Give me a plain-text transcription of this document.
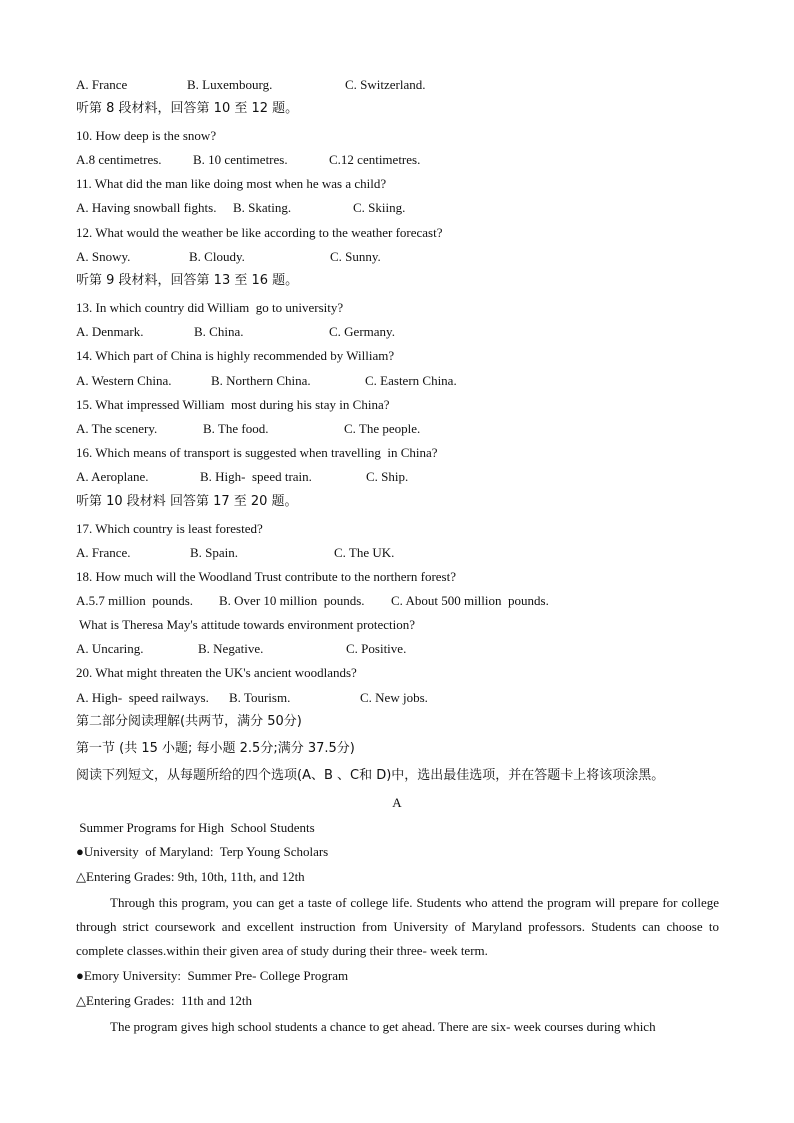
A. France	B. Luxembourg.	C. Switzerland.
听第 8 段材料，回答第 10 至 12 题。
10. How deep is the snow?
A.8 centimetres. B. 10 centimetres.	C.12 centimetres.
11. What did the man like doing most when he was a child?
A. Having snowball fights. B. Skating.	C. Skiing.
12. What would the weather be like according to the weather forecast?
A. Snowy.	B. Cloudy.	C. Sunny.
听第 9 段材料，回答第 13 至 16 题。
13. In which country did William  go to university?
A. Denmark.	B. China.	C. Germany.
14. Which part of China is highly recommended by William?
A. Western China.	B. Northern China.	C. Eastern China.
15. What impressed William  most during his stay in China?
A. The scenery.	B. The food.	C. The people.
16. Which means of transport is suggested when travelling  in China?
A. Aeroplane.	B. High-  speed train.	C. Ship.
听第 10 段材料 回答第 17 至 20 题。
17. Which country is least forested?
A. France.	B. Spain.	C. The UK.
18. How much will the Woodland Trust contribute to the northern forest?
A.5.7 million  pounds. B. Over 10 million  pounds. C. About 500 million  pounds.
What is Theresa May's attitude towards environment protection?
A. Uncaring.	B. Negative.	C. Positive.
20. What might threaten the UK's ancient woodlands?
A. High-  speed railways. B. Tourism.	C. New jobs.
第二部分阅读理解(共两节，满分 50分)
第一节 (共 15 小题; 每小题 2.5分;满分 37.5分)
阅读下列短文，从每题所给的四个选项(A、B 、C和 D)中，选出最佳选项，并在答题卡上将该项涂黑。
A
Summer Programs for High  School Students
●University  of Maryland:  Terp Young Scholars
△Entering Grades: 9th, 10th, 11th, and 12th
Through this program, you can get a taste of college life. Students who attend the program will prepare for college through strict coursework and excellent instruction from University of Maryland professors. Students can choose to complete classes.within their given area of study during their three- week term.
●Emory University:  Summer Pre- College Program
△Entering Grades:  11th and 12th
The program gives high school students a chance to get ahead. There are six- week courses during which
